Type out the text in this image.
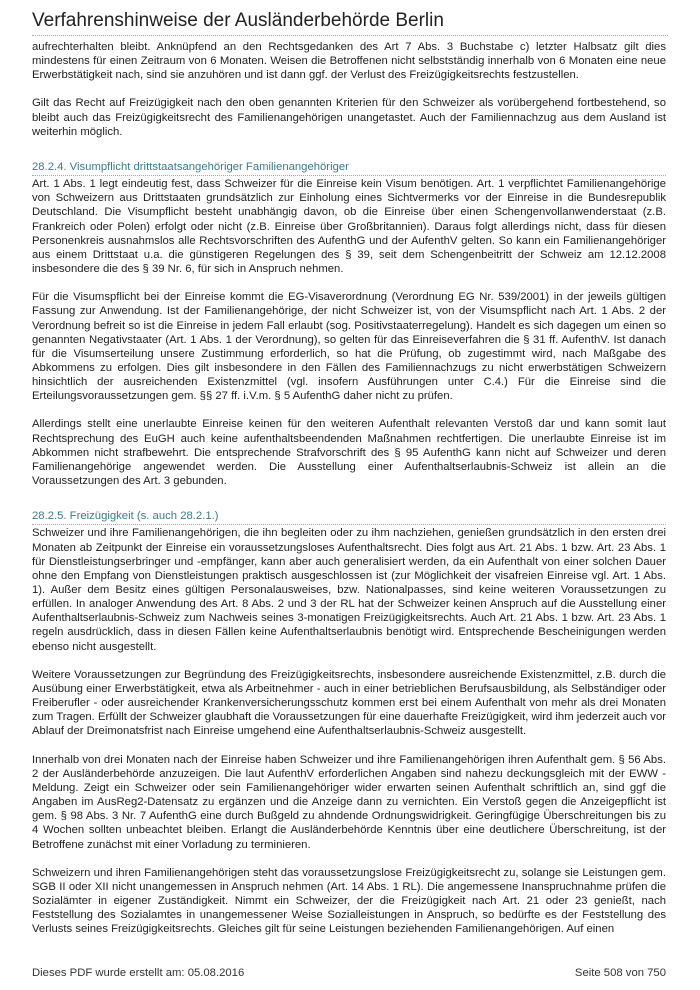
Verfahrenshinweise der Ausländerbehörde Berlin

aufrechterhalten bleibt. Anknüpfend an den Rechtsgedanken des Art 7 Abs. 3 Buchstabe c) letzter Halbsatz gilt dies mindestens für einen Zeitraum von 6 Monaten. Weisen die Betroffenen nicht selbstständig innerhalb von 6 Monaten eine neue Erwerbstätigkeit nach, sind sie anzuhören und ist dann ggf. der Verlust des Freizügigkeitsrechts festzustellen.

Gilt das Recht auf Freizügigkeit nach den oben genannten Kriterien für den Schweizer als vorübergehend fortbestehend, so bleibt auch das Freizügigkeitsrecht des Familienangehörigen unangetastet. Auch der Familiennachzug aus dem Ausland ist weiterhin möglich.

28.2.4. Visumpflicht drittstaatsangehöriger Familienangehöriger

Art. 1 Abs. 1 legt eindeutig fest, dass Schweizer für die Einreise kein Visum benötigen. Art. 1 verpflichtet Familienangehörige von Schweizern aus Drittstaaten grundsätzlich zur Einholung eines Sichtvermerks vor der Einreise in die Bundesrepublik Deutschland. Die Visumpflicht besteht unabhängig davon, ob die Einreise über einen Schengenvollanwenderstaat (z.B. Frankreich oder Polen) erfolgt oder nicht (z.B. Einreise über Großbritannien). Daraus folgt allerdings nicht, dass für diesen Personenkreis ausnahmslos alle Rechtsvorschriften des AufenthG und der AufenthV gelten. So kann ein Familienangehöriger aus einem Drittstaat u.a. die günstigeren Regelungen des § 39, seit dem Schengenbeitritt der Schweiz am 12.12.2008 insbesondere die des § 39 Nr. 6, für sich in Anspruch nehmen.

Für die Visumspflicht bei der Einreise kommt die EG-Visaverordnung (Verordnung EG Nr. 539/2001) in der jeweils gültigen Fassung zur Anwendung. Ist der Familienangehörige, der nicht Schweizer ist, von der Visumspflicht nach Art. 1 Abs. 2 der Verordnung befreit so ist die Einreise in jedem Fall erlaubt (sog. Positivstaaterregelung). Handelt es sich dagegen um einen so genannten Negativstaater (Art. 1 Abs. 1 der Verordnung), so gelten für das Einreiseverfahren die § 31 ff. AufenthV. Ist danach für die Visumserteilung unsere Zustimmung erforderlich, so hat die Prüfung, ob zugestimmt wird, nach Maßgabe des Abkommens zu erfolgen. Dies gilt insbesondere in den Fällen des Familiennachzugs zu nicht erwerbstätigen Schweizern hinsichtlich der ausreichenden Existenzmittel (vgl. insofern Ausführungen unter C.4.) Für die Einreise sind die Erteilungsvoraussetzungen gem. §§ 27 ff. i.V.m. § 5 AufenthG daher nicht zu prüfen.

Allerdings stellt eine unerlaubte Einreise keinen für den weiteren Aufenthalt relevanten Verstoß dar und kann somit laut Rechtsprechung des EuGH auch keine aufenthaltsbeendenden Maßnahmen rechtfertigen. Die unerlaubte Einreise ist im Abkommen nicht strafbewehrt. Die entsprechende Strafvorschrift des § 95 AufenthG kann nicht auf Schweizer und deren Familienangehörige angewendet werden. Die Ausstellung einer Aufenthaltserlaubnis-Schweiz ist allein an die Voraussetzungen des Art. 3 gebunden.

28.2.5. Freizügigkeit (s. auch 28.2.1.)

Schweizer und ihre Familienangehörigen, die ihn begleiten oder zu ihm nachziehen, genießen grundsätzlich in den ersten drei Monaten ab Zeitpunkt der Einreise ein voraussetzungsloses Aufenthaltsrecht. Dies folgt aus Art. 21 Abs. 1 bzw. Art. 23 Abs. 1 für Dienstleistungserbringer und -empfänger, kann aber auch generalisiert werden, da ein Aufenthalt von einer solchen Dauer ohne den Empfang von Dienstleistungen praktisch ausgeschlossen ist (zur Möglichkeit der visafreien Einreise vgl. Art. 1 Abs. 1). Außer dem Besitz eines gültigen Personalausweises, bzw. Nationalpasses, sind keine weiteren Voraussetzungen zu erfüllen. In analoger Anwendung des Art. 8 Abs. 2 und 3 der RL hat der Schweizer keinen Anspruch auf die Ausstellung einer Aufenthaltserlaubnis-Schweiz zum Nachweis seines 3-monatigen Freizügigkeitsrechts. Auch Art. 21 Abs. 1 bzw. Art. 23 Abs. 1 regeln ausdrücklich, dass in diesen Fällen keine Aufenthaltserlaubnis benötigt wird. Entsprechende Bescheinigungen werden ebenso nicht ausgestellt.

Weitere Voraussetzungen zur Begründung des Freizügigkeitsrechts, insbesondere ausreichende Existenzmittel, z.B. durch die Ausübung einer Erwerbstätigkeit, etwa als Arbeitnehmer - auch in einer betrieblichen Berufsausbildung, als Selbständiger oder Freiberufler - oder ausreichender Krankenversicherungsschutz kommen erst bei einem Aufenthalt von mehr als drei Monaten zum Tragen. Erfüllt der Schweizer glaubhaft die Voraussetzungen für eine dauerhafte Freizügigkeit, wird ihm jederzeit auch vor Ablauf der Dreimonatsfrist nach Einreise umgehend eine Aufenthaltserlaubnis-Schweiz ausgestellt.

Innerhalb von drei Monaten nach der Einreise haben Schweizer und ihre Familienangehörigen ihren Aufenthalt gem. § 56 Abs. 2 der Ausländerbehörde anzuzeigen. Die laut AufenthV erforderlichen Angaben sind nahezu deckungsgleich mit der EWW - Meldung. Zeigt ein Schweizer oder sein Familienangehöriger wider erwarten seinen Aufenthalt schriftlich an, sind ggf die Angaben im AusReg2-Datensatz zu ergänzen und die Anzeige dann zu vernichten. Ein Verstoß gegen die Anzeigepflicht ist gem. § 98 Abs. 3 Nr. 7 AufenthG eine durch Bußgeld zu ahndende Ordnungswidrigkeit. Geringfügige Überschreitungen bis zu 4 Wochen sollten unbeachtet bleiben. Erlangt die Ausländerbehörde Kenntnis über eine deutlichere Überschreitung, ist der Betroffene zunächst mit einer Vorladung zu terminieren.

Schweizern und ihren Familienangehörigen steht das voraussetzungslose Freizügigkeitsrecht zu, solange sie Leistungen gem. SGB II oder XII nicht unangemessen in Anspruch nehmen (Art. 14 Abs. 1 RL). Die angemessene Inanspruchnahme prüfen die Sozialämter in eigener Zuständigkeit. Nimmt ein Schweizer, der die Freizügigkeit nach Art. 21 oder 23 genießt, nach Feststellung des Sozialamtes in unangemessener Weise Sozialleistungen in Anspruch, so bedürfte es der Feststellung des Verlusts seines Freizügigkeitsrechts. Gleiches gilt für seine Leistungen beziehenden Familienangehörigen. Auf einen

Dieses PDF wurde erstellt am: 05.08.2016	Seite 508 von 750
